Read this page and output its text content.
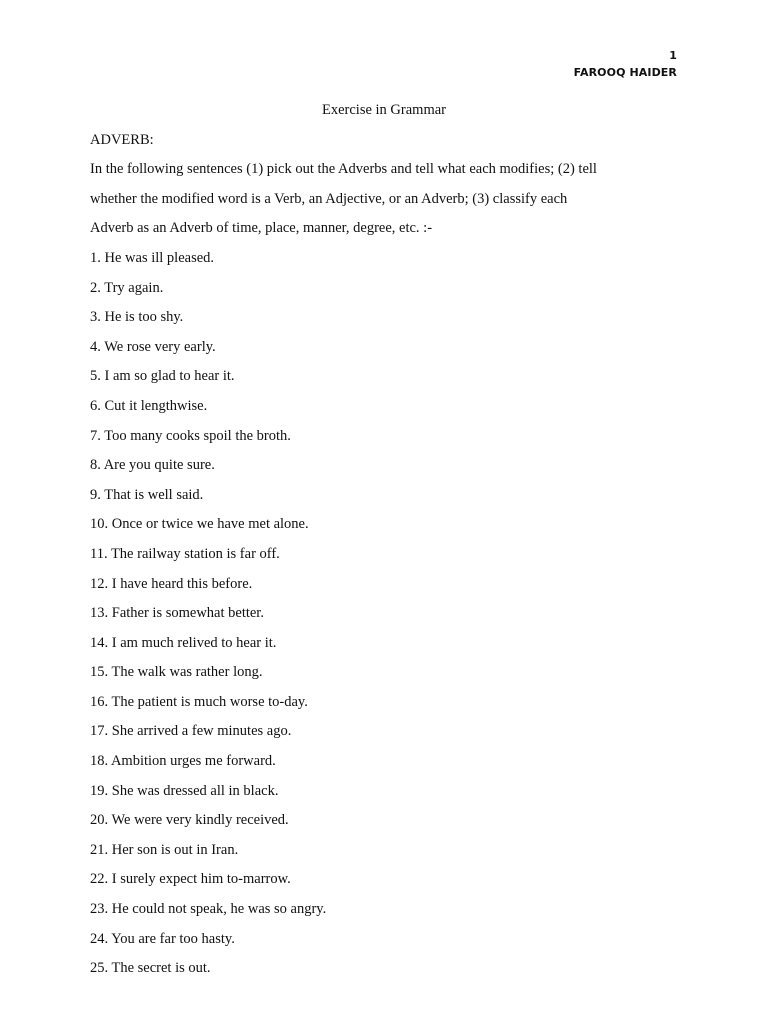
1
FAROOQ HAIDER
Exercise in Grammar
ADVERB:
In the following sentences (1) pick out the Adverbs and tell what each modifies; (2) tell
whether the modified word is a Verb, an Adjective, or an Adverb; (3) classify each
Adverb as an Adverb of time, place, manner, degree, etc. :-
1. He was ill pleased.
2. Try again.
3. He is too shy.
4. We rose very early.
5. I am so glad to hear it.
6. Cut it lengthwise.
7. Too many cooks spoil the broth.
8. Are you quite sure.
9. That is well said.
10. Once or twice we have met alone.
11. The railway station is far off.
12. I have heard this before.
13. Father is somewhat better.
14. I am much relived to hear it.
15. The walk was rather long.
16. The patient is much worse to-day.
17. She arrived a few minutes ago.
18. Ambition urges me forward.
19. She was dressed all in black.
20. We were very kindly received.
21. Her son is out in Iran.
22. I surely expect him to-marrow.
23. He could not speak, he was so angry.
24. You are far too hasty.
25. The secret is out.
